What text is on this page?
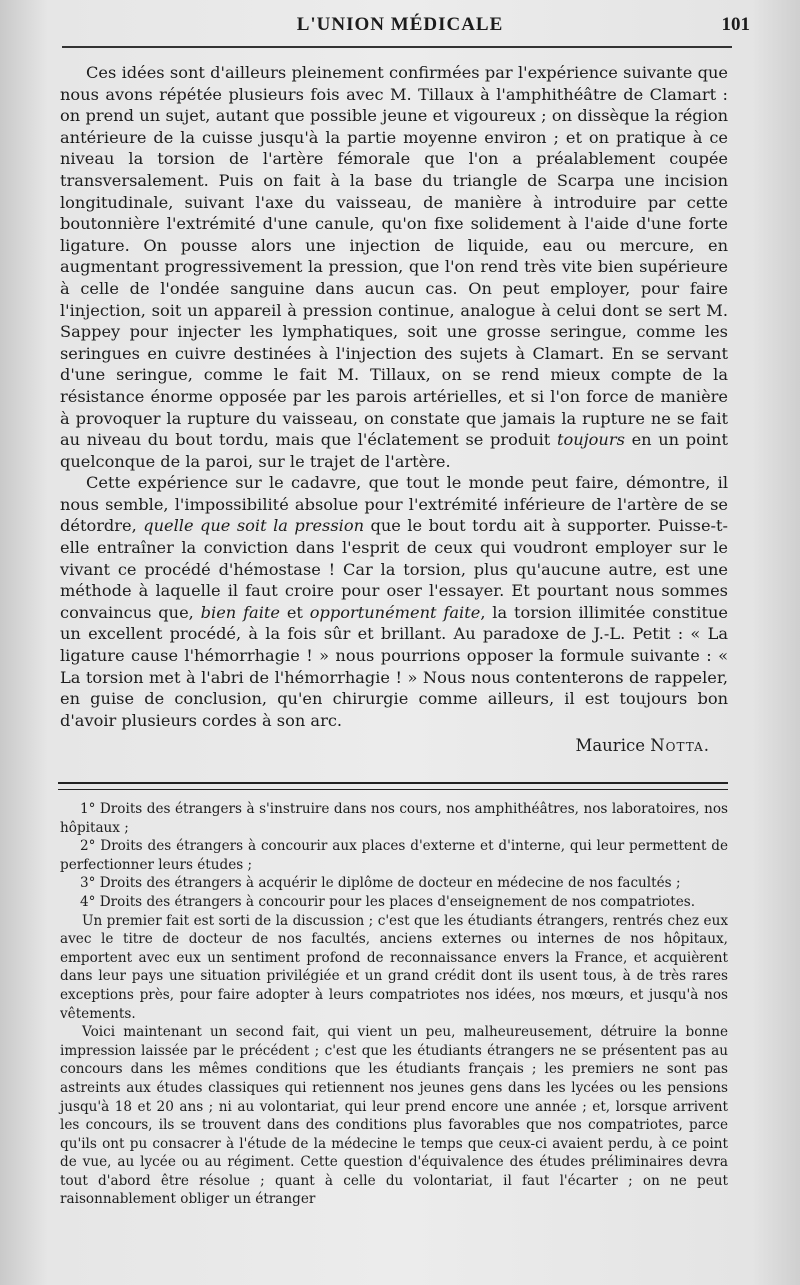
L'UNION MÉDICALE	101

Ces idées sont d'ailleurs pleinement confirmées par l'expérience suivante que nous avons répétée plusieurs fois avec M. Tillaux à l'amphithéâtre de Clamart : on prend un sujet, autant que possible jeune et vigoureux ; on dissèque la région antérieure de la cuisse jusqu'à la partie moyenne environ ; et on pratique à ce niveau la torsion de l'artère fémorale que l'on a préalablement coupée transversalement. Puis on fait à la base du triangle de Scarpa une incision longitudinale, suivant l'axe du vaisseau, de manière à introduire par cette boutonnière l'extrémité d'une canule, qu'on fixe solidement à l'aide d'une forte ligature. On pousse alors une injection de liquide, eau ou mercure, en augmentant progressivement la pression, que l'on rend très vite bien supérieure à celle de l'ondée sanguine dans aucun cas. On peut employer, pour faire l'injection, soit un appareil à pression continue, analogue à celui dont se sert M. Sappey pour injecter les lymphatiques, soit une grosse seringue, comme les seringues en cuivre destinées à l'injection des sujets à Clamart. En se servant d'une seringue, comme le fait M. Tillaux, on se rend mieux compte de la résistance énorme opposée par les parois artérielles, et si l'on force de manière à provoquer la rupture du vaisseau, on constate que jamais la rupture ne se fait au niveau du bout tordu, mais que l'éclatement se produit toujours en un point quelconque de la paroi, sur le trajet de l'artère.

Cette expérience sur le cadavre, que tout le monde peut faire, démontre, il nous semble, l'impossibilité absolue pour l'extrémité inférieure de l'artère de se détordre, quelle que soit la pression que le bout tordu ait à supporter. Puisse-t-elle entraîner la conviction dans l'esprit de ceux qui voudront employer sur le vivant ce procédé d'hémostase ! Car la torsion, plus qu'aucune autre, est une méthode à laquelle il faut croire pour oser l'essayer. Et pourtant nous sommes convaincus que, bien faite et opportunément faite, la torsion illimitée constitue un excellent procédé, à la fois sûr et brillant. Au paradoxe de J.-L. Petit : « La ligature cause l'hémorrhagie ! » nous pourrions opposer la formule suivante : « La torsion met à l'abri de l'hémorrhagie ! » Nous nous contenterons de rappeler, en guise de conclusion, qu'en chirurgie comme ailleurs, il est toujours bon d'avoir plusieurs cordes à son arc.

Maurice Notta.

1° Droits des étrangers à s'instruire dans nos cours, nos amphithéâtres, nos laboratoires, nos hôpitaux ;

2° Droits des étrangers à concourir aux places d'externe et d'interne, qui leur permettent de perfectionner leurs études ;

3° Droits des étrangers à acquérir le diplôme de docteur en médecine de nos facultés ;

4° Droits des étrangers à concourir pour les places d'enseignement de nos compatriotes.

Un premier fait est sorti de la discussion ; c'est que les étudiants étrangers, rentrés chez eux avec le titre de docteur de nos facultés, anciens externes ou internes de nos hôpitaux, emportent avec eux un sentiment profond de reconnaissance envers la France, et acquièrent dans leur pays une situation privilégiée et un grand crédit dont ils usent tous, à de très rares exceptions près, pour faire adopter à leurs compatriotes nos idées, nos mœurs, et jusqu'à nos vêtements.

Voici maintenant un second fait, qui vient un peu, malheureusement, détruire la bonne impression laissée par le précédent ; c'est que les étudiants étrangers ne se présentent pas au concours dans les mêmes conditions que les étudiants français ; les premiers ne sont pas astreints aux études classiques qui retiennent nos jeunes gens dans les lycées ou les pensions jusqu'à 18 et 20 ans ; ni au volontariat, qui leur prend encore une année ; et, lorsque arrivent les concours, ils se trouvent dans des conditions plus favorables que nos compatriotes, parce qu'ils ont pu consacrer à l'étude de la médecine le temps que ceux-ci avaient perdu, à ce point de vue, au lycée ou au régiment. Cette question d'équivalence des études préliminaires devra tout d'abord être résolue ; quant à celle du volontariat, il faut l'écarter ; on ne peut raisonnablement obliger un étranger
